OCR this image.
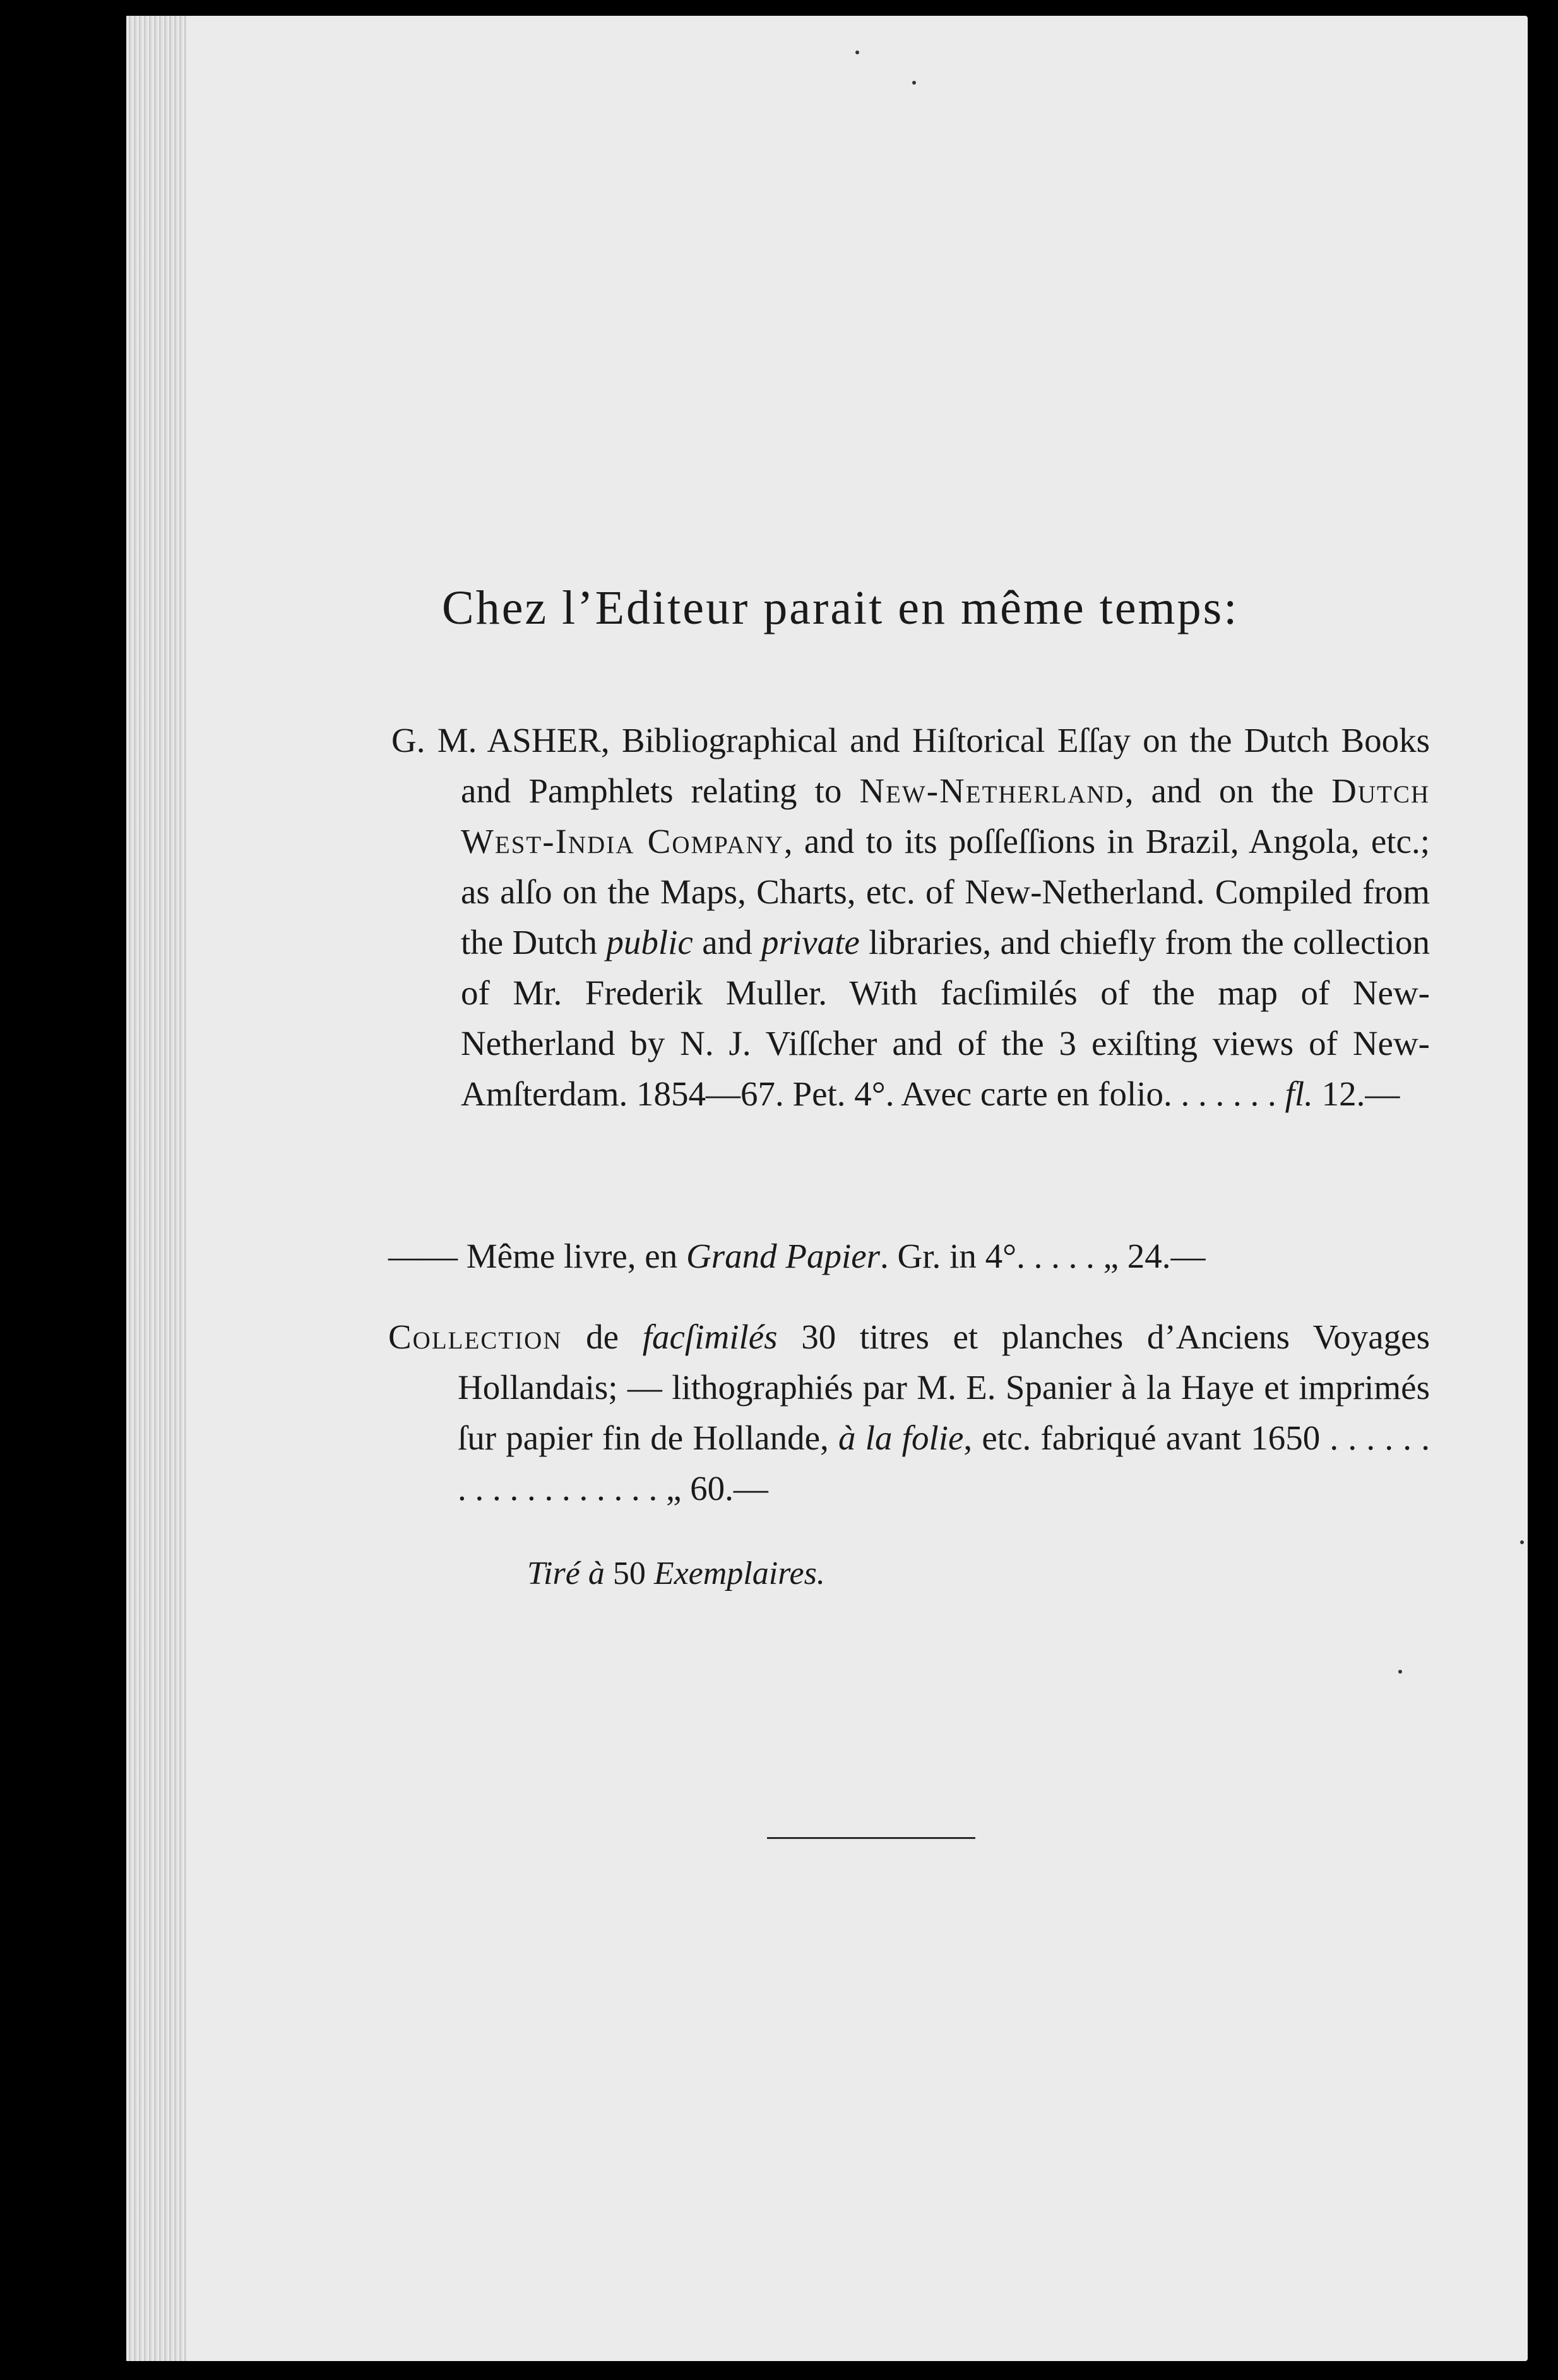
Chez l’Editeur parait en même temps:

G. M. ASHER, Bibliographical and Hiſtorical Eſſay on the Dutch Books and Pamphlets relating to New-Netherland, and on the Dutch West-India Company, and to its poſſeſſions in Brazil, Angola, etc.; as alſo on the Maps, Charts, etc. of New-Netherland. Compiled from the Dutch public and private libraries, and chiefly from the collection of Mr. Frederik Muller. With facſimilés of the map of New-Netherland by N. J. Viſſcher and of the 3 exiſting views of New-Amſterdam. 1854—67. Pet. 4°. Avec carte en folio. . . . . . . fl. 12.—

—— Même livre, en Grand Papier. Gr. in 4°. . . . . „ 24.—

Collection de facſimilés 30 titres et planches d’Anciens Voyages Hollandais; — lithographiés par M. E. Spanier à la Haye et imprimés ſur papier fin de Hollande, à la folie, etc. fabriqué avant 1650 . . . . . . . . . . . . . . . . . . „ 60.—

Tiré à 50 Exemplaires.
